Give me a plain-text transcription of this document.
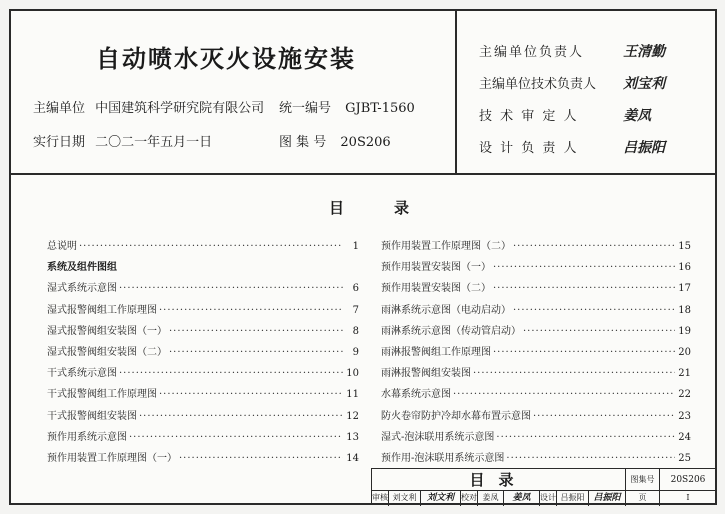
自动喷水灭火设施安装
主编单位 中国建筑科学研究院有限公司
实行日期 二〇二一年五月一日
统一编号 GJBT-1560
图 集 号 20S206
主编单位负责人	王清勤
主编单位技术负责人 刘宝利
技 术 审 定 人	姜凤
设 计 负 责 人	吕振阳
目录
总说明 ·····	1
系统及组件图组
湿式系统示意图 ·····	6
湿式报警阀组工作原理图 ·····	7
湿式报警阀组安装图（一） ·····	8
湿式报警阀组安装图（二） ·····	9
干式系统示意图 ·····	10
干式报警阀组工作原理图 ·····	11
干式报警阀组安装图 ·····	12
预作用系统示意图 ·····	13
预作用装置工作原理图（一） ·····	14
预作用装置工作原理图（二） ·····	15
预作用装置安装图（一） ·····	16
预作用装置安装图（二） ·····	17
雨淋系统示意图（电动启动） ·····	18
雨淋系统示意图（传动管启动） ·····	19
雨淋报警阀组工作原理图 ·····	20
雨淋报警阀组安装图 ·····	21
水幕系统示意图 ·····	22
防火卷帘防护冷却水幕布置示意图 ·····	23
湿式-泡沫联用系统示意图 ·····	24
预作用-泡沫联用系统示意图 ·····	25
目录	图集号	20S206
审核 刘文利	刘文利 校对 姜凤	姜凤	设计 吕振阳 吕振阳	页	I
